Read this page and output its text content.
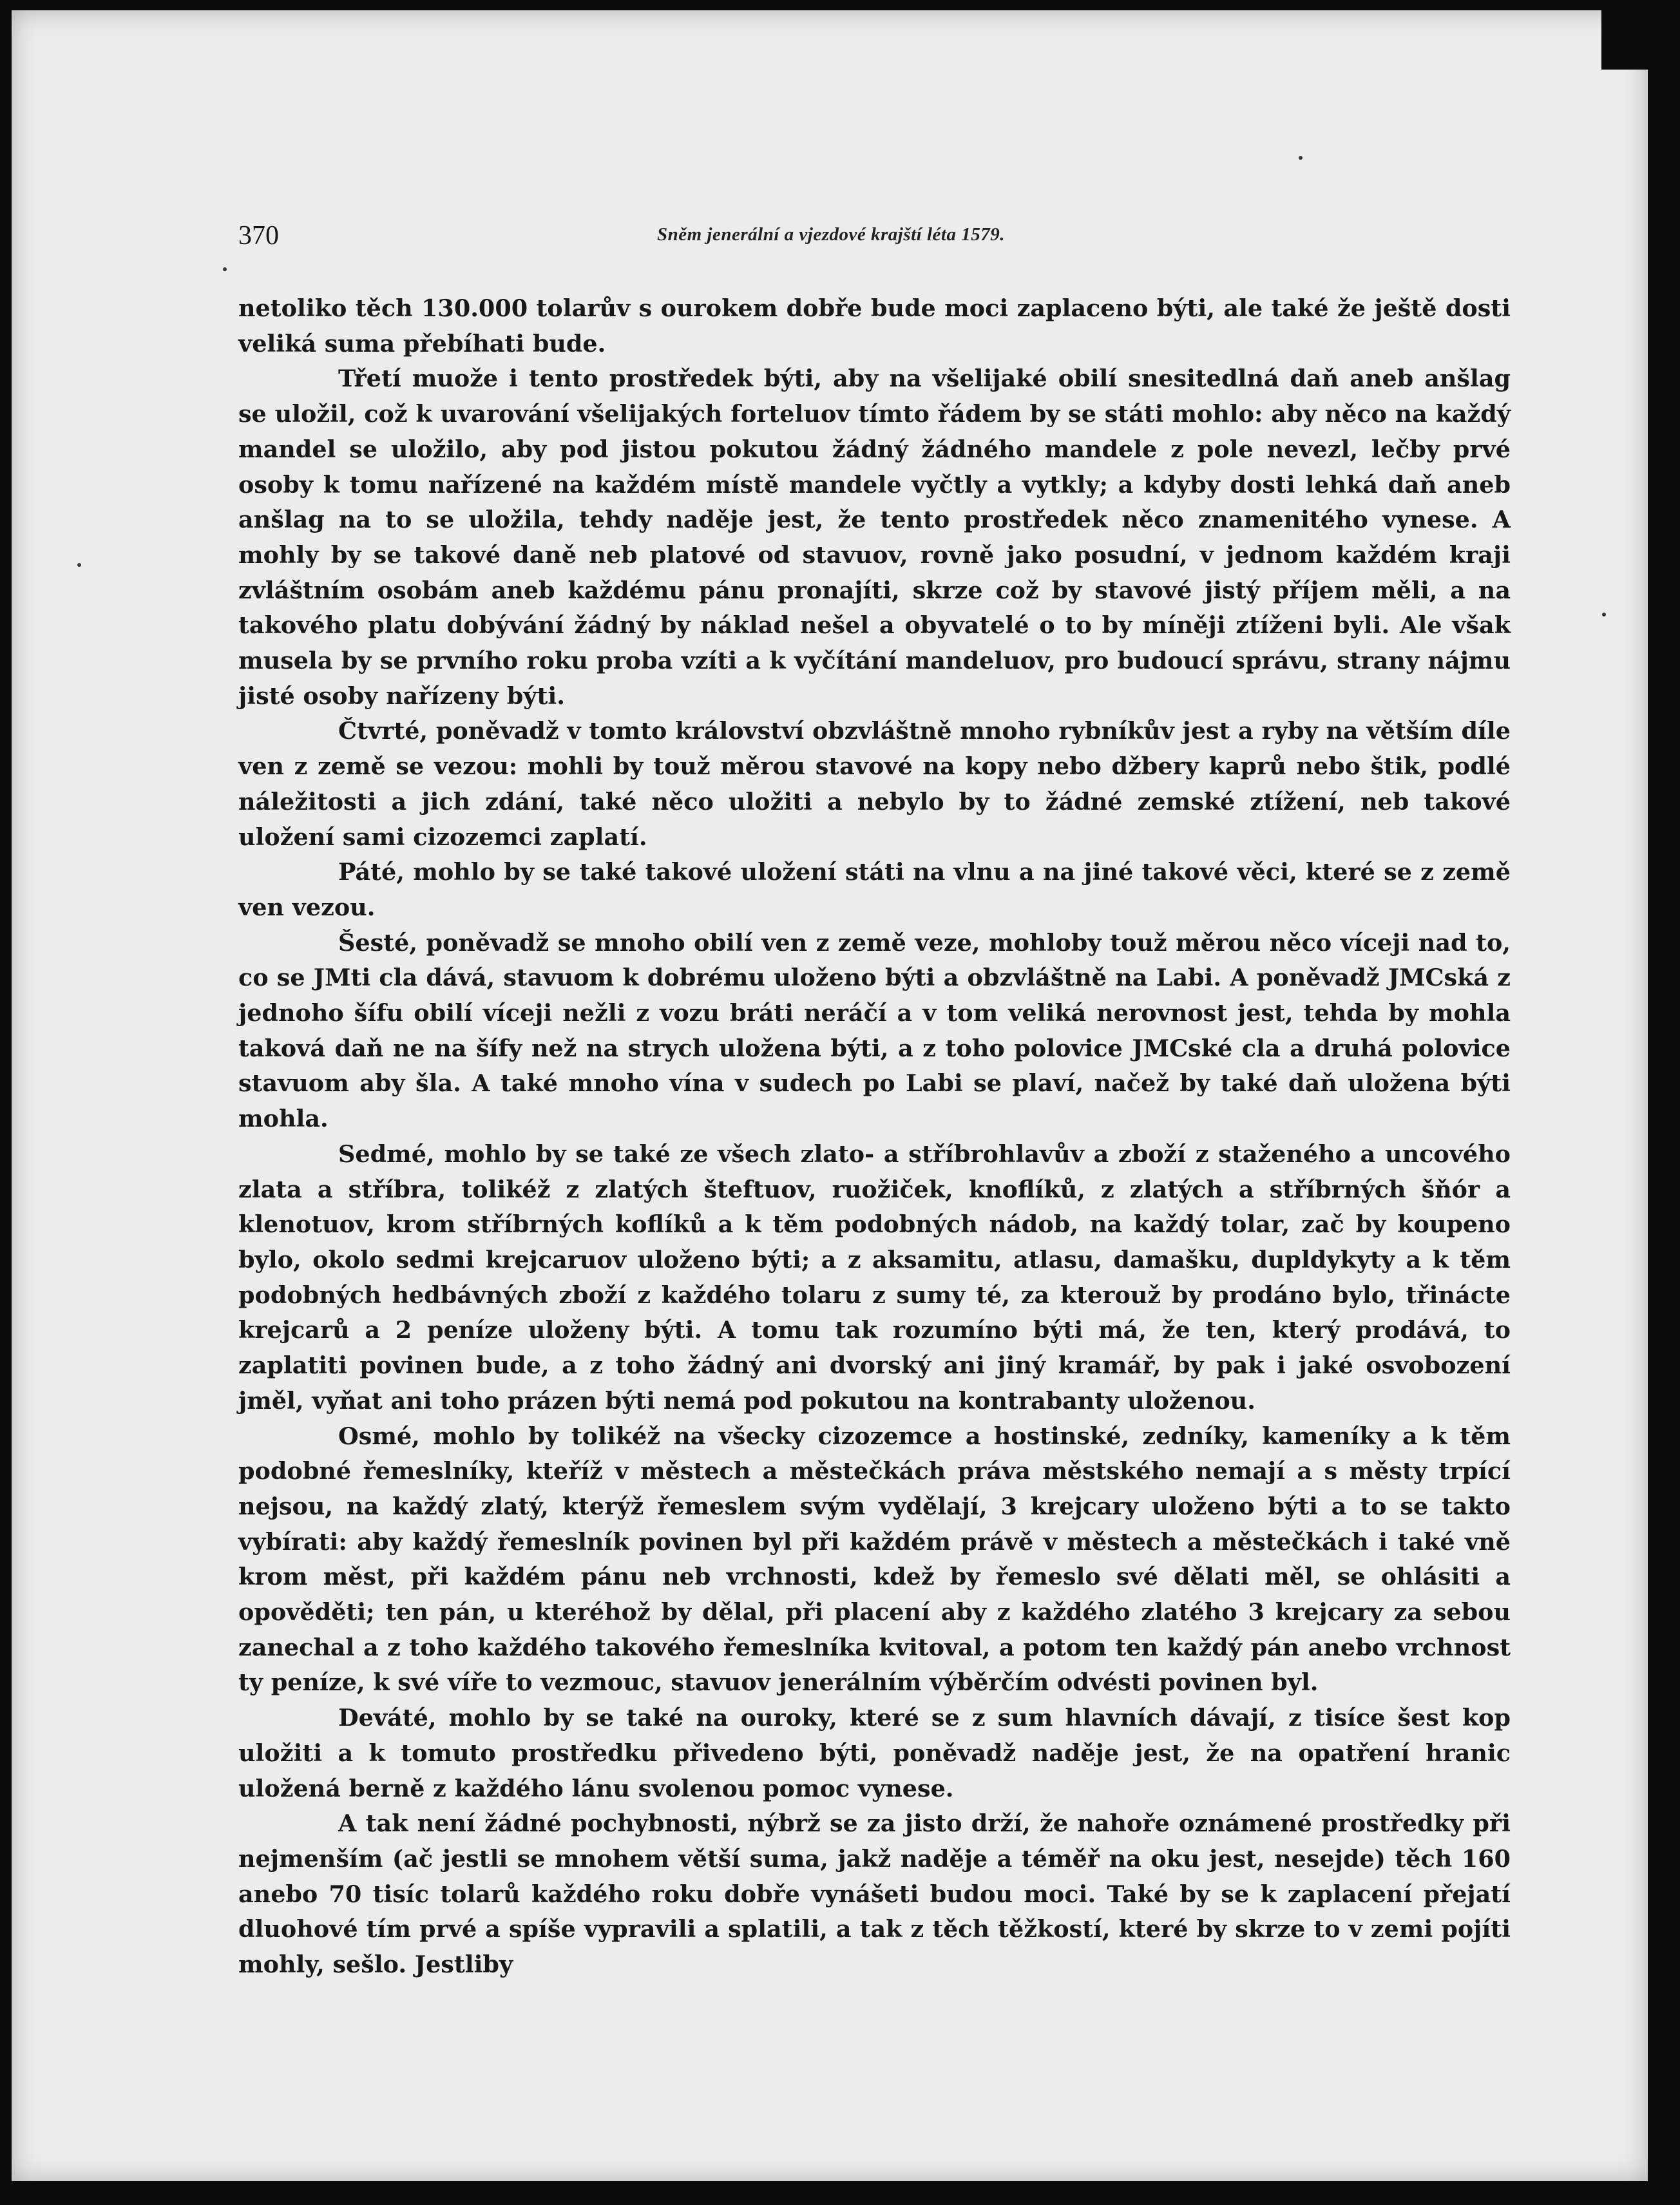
370	Sněm jenerální a vjezdové krajští léta 1579.

netoliko těch 130.000 tolarův s ourokem dobře bude moci zaplaceno býti, ale také že ještě dosti veliká suma přebíhati bude.

Třetí muože i tento prostředek býti, aby na všelijaké obilí snesitedlná daň aneb anšlag se uložil, což k uvarování všelijakých forteluov tímto řádem by se státi mohlo: aby něco na každý mandel se uložilo, aby pod jistou pokutou žádný žádného mandele z pole nevezl, lečby prvé osoby k tomu nařízené na každém místě mandele vyčtly a vytkly; a kdyby dosti lehká daň aneb anšlag na to se uložila, tehdy naděje jest, že tento prostředek něco znamenitého vynese. A mohly by se takové daně neb platové od stavuov, rovně jako posudní, v jednom každém kraji zvláštním osobám aneb každému pánu pronajíti, skrze což by stavové jistý příjem měli, a na takového platu dobývání žádný by náklad nešel a obyvatelé o to by míněji ztíženi byli. Ale však musela by se prvního roku proba vzíti a k vyčítání mandeluov, pro budoucí správu, strany nájmu jisté osoby nařízeny býti.

Čtvrté, poněvadž v tomto království obzvláštně mnoho rybníkův jest a ryby na větším díle ven z země se vezou: mohli by touž měrou stavové na kopy nebo džbery kaprů nebo štik, podlé náležitosti a jich zdání, také něco uložiti a nebylo by to žádné zemské ztížení, neb takové uložení sami cizozemci zaplatí.

Páté, mohlo by se také takové uložení státi na vlnu a na jiné takové věci, které se z země ven vezou.

Šesté, poněvadž se mnoho obilí ven z země veze, mohloby touž měrou něco víceji nad to, co se JMti cla dává, stavuom k dobrému uloženo býti a obzvláštně na Labi. A poněvadž JMCská z jednoho šífu obilí víceji nežli z vozu bráti neráčí a v tom veliká nerovnost jest, tehda by mohla taková daň ne na šífy než na strych uložena býti, a z toho polovice JMCské cla a druhá polovice stavuom aby šla. A také mnoho vína v sudech po Labi se plaví, načež by také daň uložena býti mohla.

Sedmé, mohlo by se také ze všech zlato- a stříbrohlavův a zboží z staženého a uncového zlata a stříbra, tolikéž z zlatých šteftuov, ruožiček, knoflíků, z zlatých a stříbrných šňór a klenotuov, krom stříbrných koflíků a k těm podobných nádob, na každý tolar, zač by koupeno bylo, okolo sedmi krejcaruov uloženo býti; a z aksamitu, atlasu, damašku, dupldykyty a k těm podobných hedbávných zboží z každého tolaru z sumy té, za kterouž by prodáno bylo, třinácte krejcarů a 2 peníze uloženy býti. A tomu tak rozumíno býti má, že ten, který prodává, to zaplatiti povinen bude, a z toho žádný ani dvorský ani jiný kramář, by pak i jaké osvobození jměl, vyňat ani toho prázen býti nemá pod pokutou na kontrabanty uloženou.

Osmé, mohlo by tolikéž na všecky cizozemce a hostinské, zedníky, kameníky a k těm podobné řemeslníky, kteříž v městech a městečkách práva městského nemají a s městy trpící nejsou, na každý zlatý, kterýž řemeslem svým vydělají, 3 krejcary uloženo býti a to se takto vybírati: aby každý řemeslník povinen byl při každém právě v městech a městečkách i také vně krom měst, při každém pánu neb vrchnosti, kdež by řemeslo své dělati měl, se ohlásiti a opověděti; ten pán, u kteréhož by dělal, při placení aby z každého zlatého 3 krejcary za sebou zanechal a z toho každého takového řemeslníka kvitoval, a potom ten každý pán anebo vrchnost ty peníze, k své víře to vezmouc, stavuov jenerálním výběrčím odvésti povinen byl.

Deváté, mohlo by se také na ouroky, které se z sum hlavních dávají, z tisíce šest kop uložiti a k tomuto prostředku přivedeno býti, poněvadž naděje jest, že na opatření hranic uložená berně z každého lánu svolenou pomoc vynese.

A tak není žádné pochybnosti, nýbrž se za jisto drží, že nahoře oznámené prostředky při nejmenším (ač jestli se mnohem větší suma, jakž naděje a téměř na oku jest, nesejde) těch 160 anebo 70 tisíc tolarů každého roku dobře vynášeti budou moci. Také by se k zaplacení přejatí dluohové tím prvé a spíše vypravili a splatili, a tak z těch těžkostí, které by skrze to v zemi pojíti mohly, sešlo. Jestliby
